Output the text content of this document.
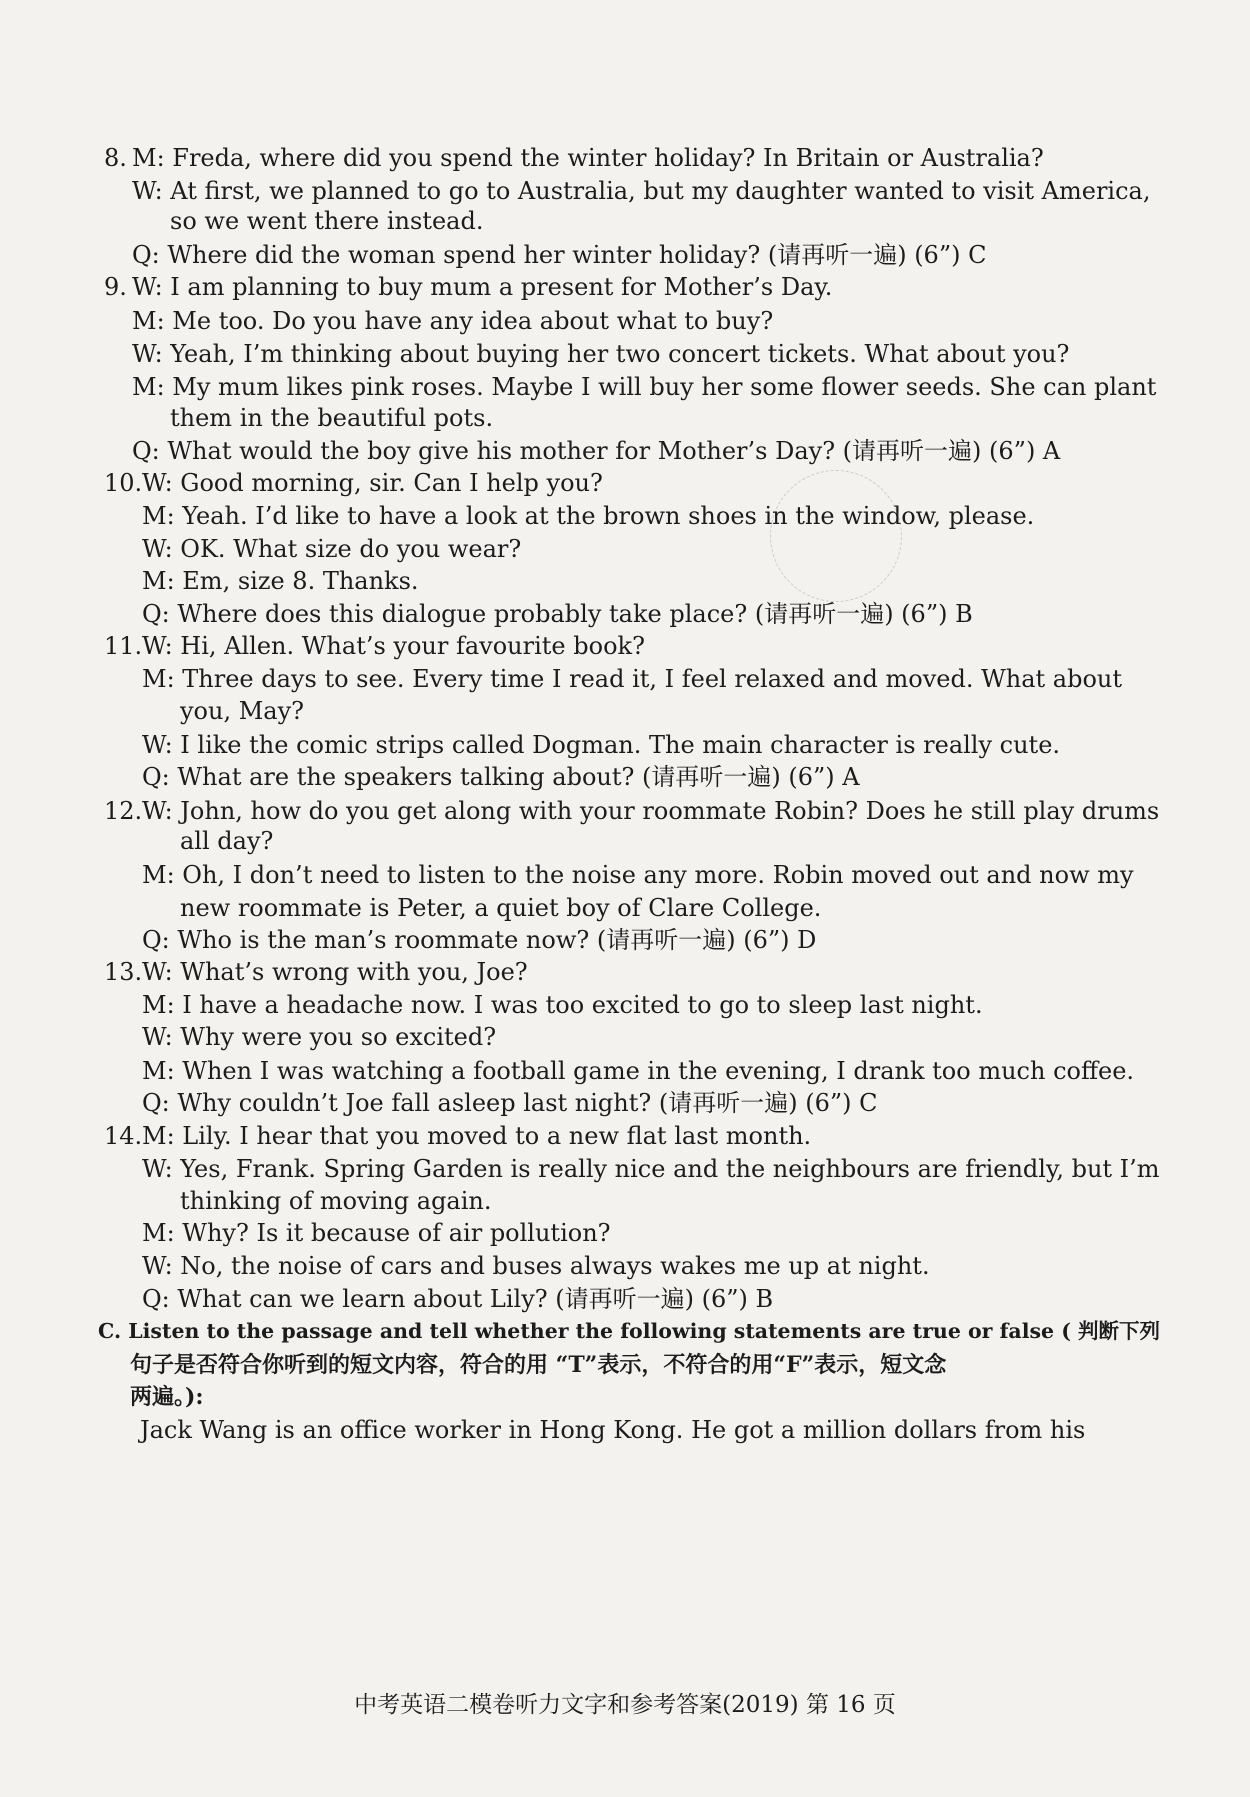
8. M: Freda, where did you spend the winter holiday? In Britain or Australia?
W: At first, we planned to go to Australia, but my daughter wanted to visit America,
so we went there instead.
Q: Where did the woman spend her winter holiday? (请再听一遍) (6”) C
9. W: I am planning to buy mum a present for Mother’s Day.
M: Me too. Do you have any idea about what to buy?
W: Yeah, I’m thinking about buying her two concert tickets. What about you?
M: My mum likes pink roses. Maybe I will buy her some flower seeds. She can plant
them in the beautiful pots.
Q: What would the boy give his mother for Mother’s Day? (请再听一遍) (6”) A
10. W: Good morning, sir. Can I help you?
M: Yeah. I’d like to have a look at the brown shoes in the window, please.
W: OK. What size do you wear?
M: Em, size 8. Thanks.
Q: Where does this dialogue probably take place? (请再听一遍) (6”) B
11. W: Hi, Allen. What’s your favourite book?
M: Three days to see. Every time I read it, I feel relaxed and moved. What about
you, May?
W: I like the comic strips called Dogman. The main character is really cute.
Q: What are the speakers talking about? (请再听一遍) (6”) A
12. W: John, how do you get along with your roommate Robin? Does he still play drums
all day?
M: Oh, I don’t need to listen to the noise any more. Robin moved out and now my
new roommate is Peter, a quiet boy of Clare College.
Q: Who is the man’s roommate now? (请再听一遍) (6”) D
13. W: What’s wrong with you, Joe?
M: I have a headache now. I was too excited to go to sleep last night.
W: Why were you so excited?
M: When I was watching a football game in the evening, I drank too much coffee.
Q: Why couldn’t Joe fall asleep last night? (请再听一遍) (6”) C
14. M: Lily. I hear that you moved to a new flat last month.
W: Yes, Frank. Spring Garden is really nice and the neighbours are friendly, but I’m
thinking of moving again.
M: Why? Is it because of air pollution?
W: No, the noise of cars and buses always wakes me up at night.
Q: What can we learn about Lily? (请再听一遍) (6”) B
C. Listen to the passage and tell whether the following statements are true or false ( 判断下列
句子是否符合你听到的短文内容，符合的用 “T”表示，不符合的用“F”表示，短文念
两遍。):
Jack Wang is an office worker in Hong Kong. He got a million dollars from his
中考英语二模卷听力文字和参考答案(2019) 第 16 页
